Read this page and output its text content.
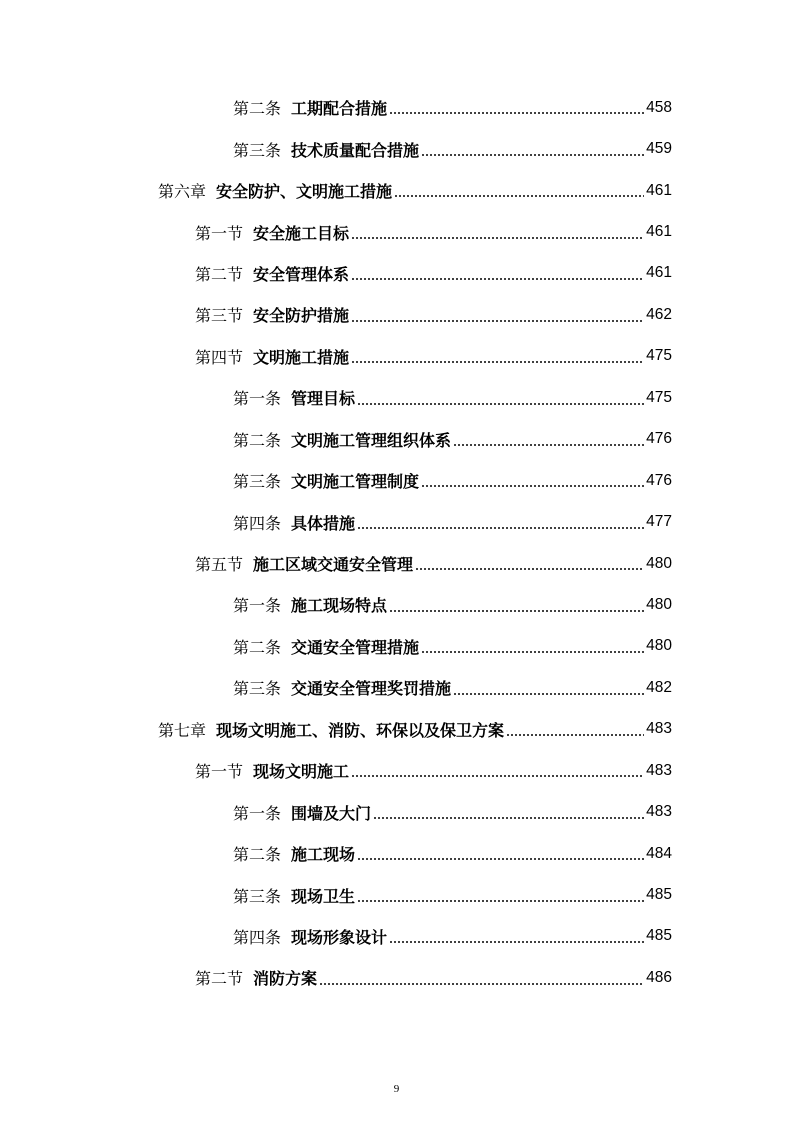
第二条 工期配合措施	458
第三条 技术质量配合措施	459
第六章 安全防护、文明施工措施	461
第一节 安全施工目标	461
第二节 安全管理体系	461
第三节 安全防护措施	462
第四节 文明施工措施	475
第一条 管理目标	475
第二条 文明施工管理组织体系	476
第三条 文明施工管理制度	476
第四条 具体措施	477
第五节 施工区域交通安全管理	480
第一条 施工现场特点	480
第二条 交通安全管理措施	480
第三条 交通安全管理奖罚措施	482
第七章 现场文明施工、消防、环保以及保卫方案	483
第一节 现场文明施工	483
第一条 围墙及大门	483
第二条 施工现场	484
第三条 现场卫生	485
第四条 现场形象设计	485
第二节 消防方案	486
9
